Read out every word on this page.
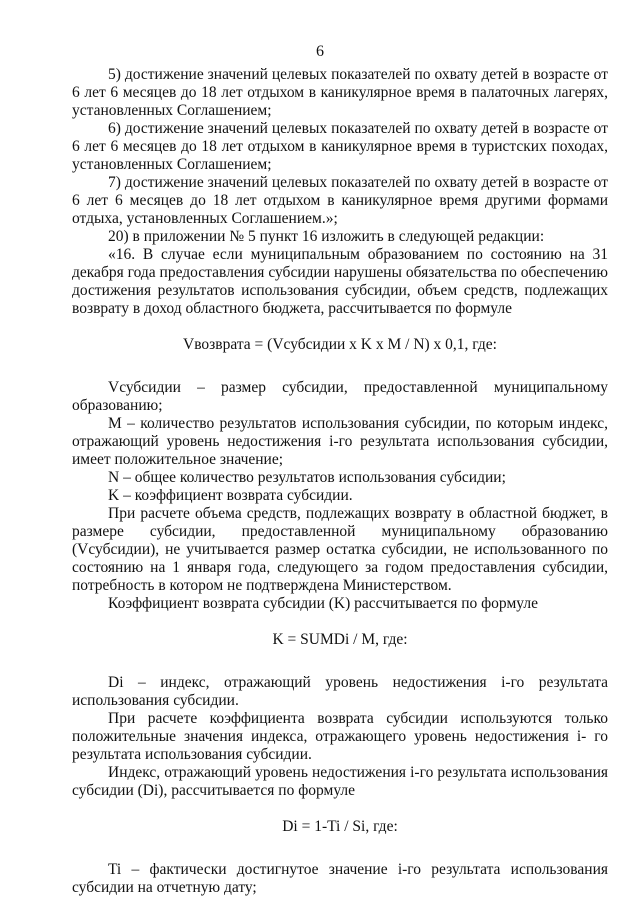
6

5) достижение значений целевых показателей по охвату детей в возрасте от 6 лет 6 месяцев до 18 лет отдыхом в каникулярное время в палаточных лагерях, установленных Соглашением;

6) достижение значений целевых показателей по охвату детей в возрасте от 6 лет 6 месяцев до 18 лет отдыхом в каникулярное время в туристских походах, установленных Соглашением;

7) достижение значений целевых показателей по охвату детей в возрасте от 6 лет 6 месяцев до 18 лет отдыхом в каникулярное время другими формами отдыха, установленных Соглашением.»;

20) в приложении № 5 пункт 16 изложить в следующей редакции:

«16. В случае если муниципальным образованием по состоянию на 31 декабря года предоставления субсидии нарушены обязательства по обеспечению достижения результатов использования субсидии, объем средств, подлежащих возврату в доход областного бюджета, рассчитывается по формуле

Vвозврата = (Vсубсидии х K х M / N) х 0,1, где:

Vсубсидии – размер субсидии, предоставленной муниципальному образованию;

M – количество результатов использования субсидии, по которым индекс, отражающий уровень недостижения i-го результата использования субсидии, имеет положительное значение;

N – общее количество результатов использования субсидии;

K – коэффициент возврата субсидии.

При расчете объема средств, подлежащих возврату в областной бюджет, в размере субсидии, предоставленной муниципальному образованию (Vсубсидии), не учитывается размер остатка субсидии, не использованного по состоянию на 1 января года, следующего за годом предоставления субсидии, потребность в котором не подтверждена Министерством.

Коэффициент возврата субсидии (K) рассчитывается по формуле

K = SUMDi / M, где:

Di – индекс, отражающий уровень недостижения i-го результата использования субсидии.

При расчете коэффициента возврата субсидии используются только положительные значения индекса, отражающего уровень недостижения i- го результата использования субсидии.

Индекс, отражающий уровень недостижения i-го результата использования субсидии (Di), рассчитывается по формуле

Di = 1-Ti / Si, где:

Ti – фактически достигнутое значение i-го результата использования субсидии на отчетную дату;
